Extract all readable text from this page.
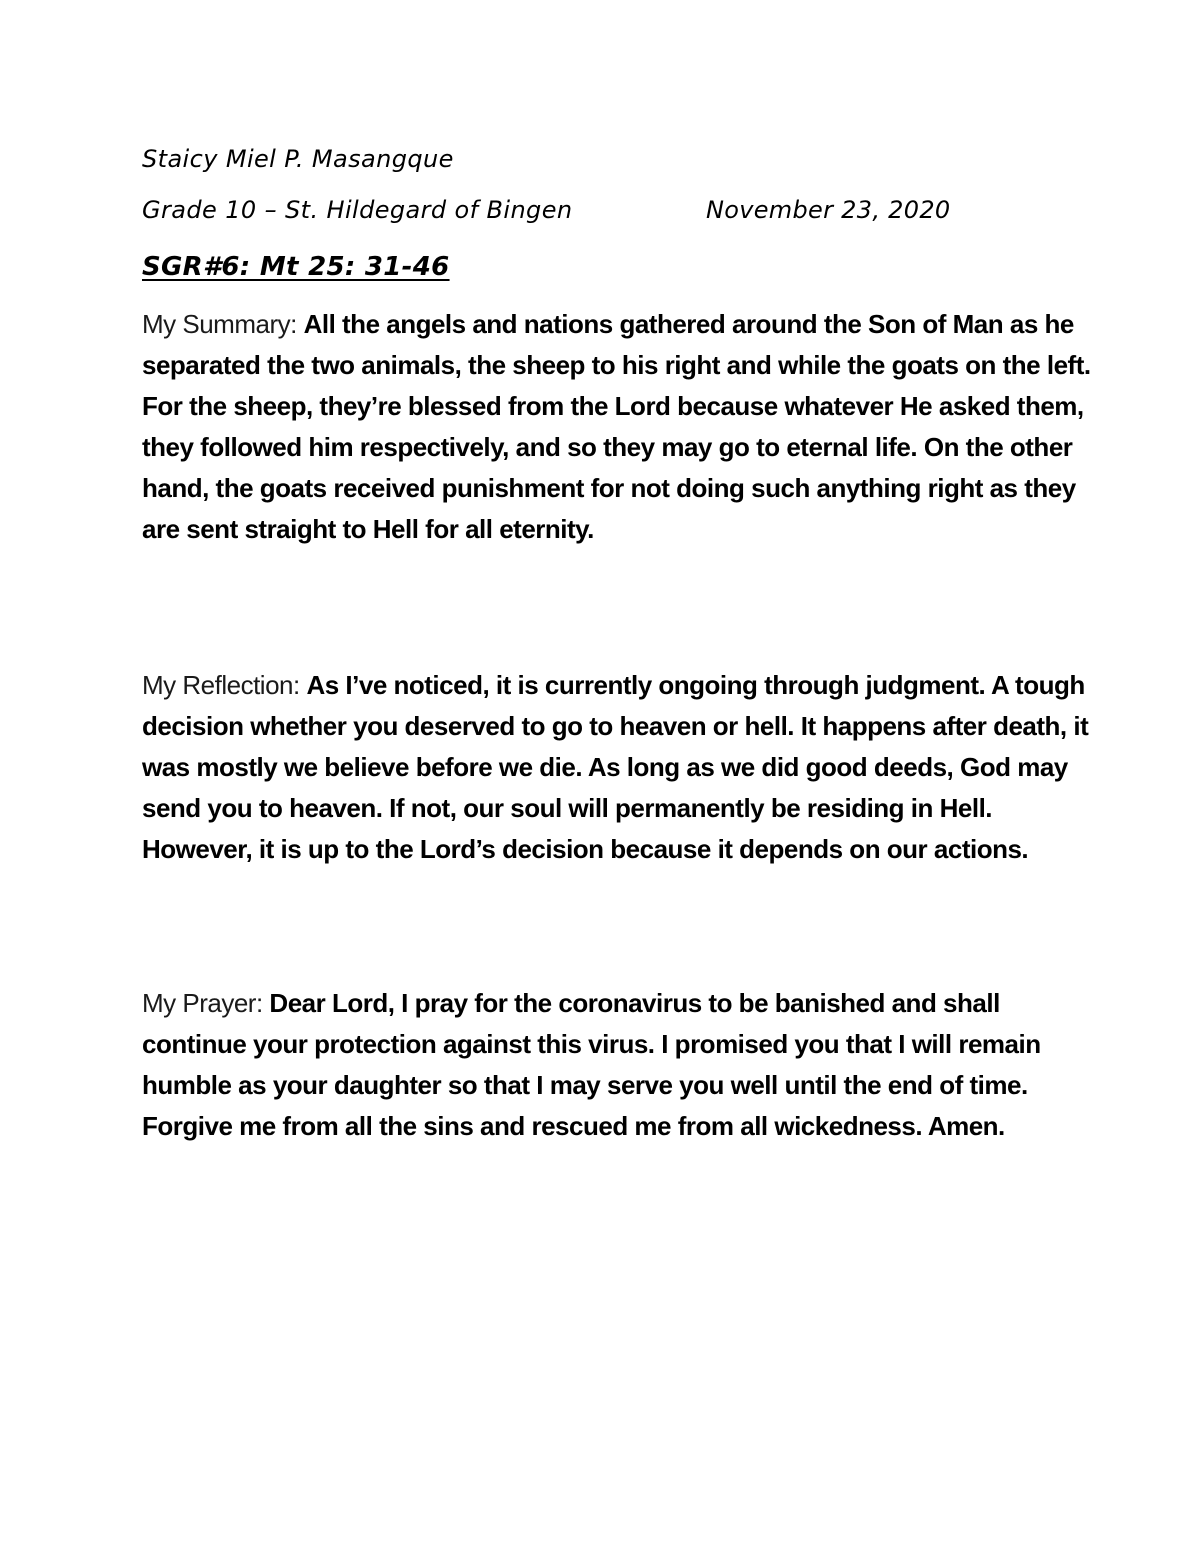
Staicy Miel P. Masangque
Grade 10 – St. Hildegard of Bingen	November 23, 2020
SGR#6: Mt 25: 31-46
My Summary: All the angels and nations gathered around the Son of Man as he separated the two animals, the sheep to his right and while the goats on the left. For the sheep, they’re blessed from the Lord because whatever He asked them, they followed him respectively, and so they may go to eternal life. On the other hand, the goats received punishment for not doing such anything right as they are sent straight to Hell for all eternity.
My Reflection: As I’ve noticed, it is currently ongoing through judgment. A tough decision whether you deserved to go to heaven or hell. It happens after death, it was mostly we believe before we die. As long as we did good deeds, God may send you to heaven. If not, our soul will permanently be residing in Hell. However, it is up to the Lord’s decision because it depends on our actions.
My Prayer: Dear Lord, I pray for the coronavirus to be banished and shall continue your protection against this virus. I promised you that I will remain humble as your daughter so that I may serve you well until the end of time. Forgive me from all the sins and rescued me from all wickedness. Amen.
